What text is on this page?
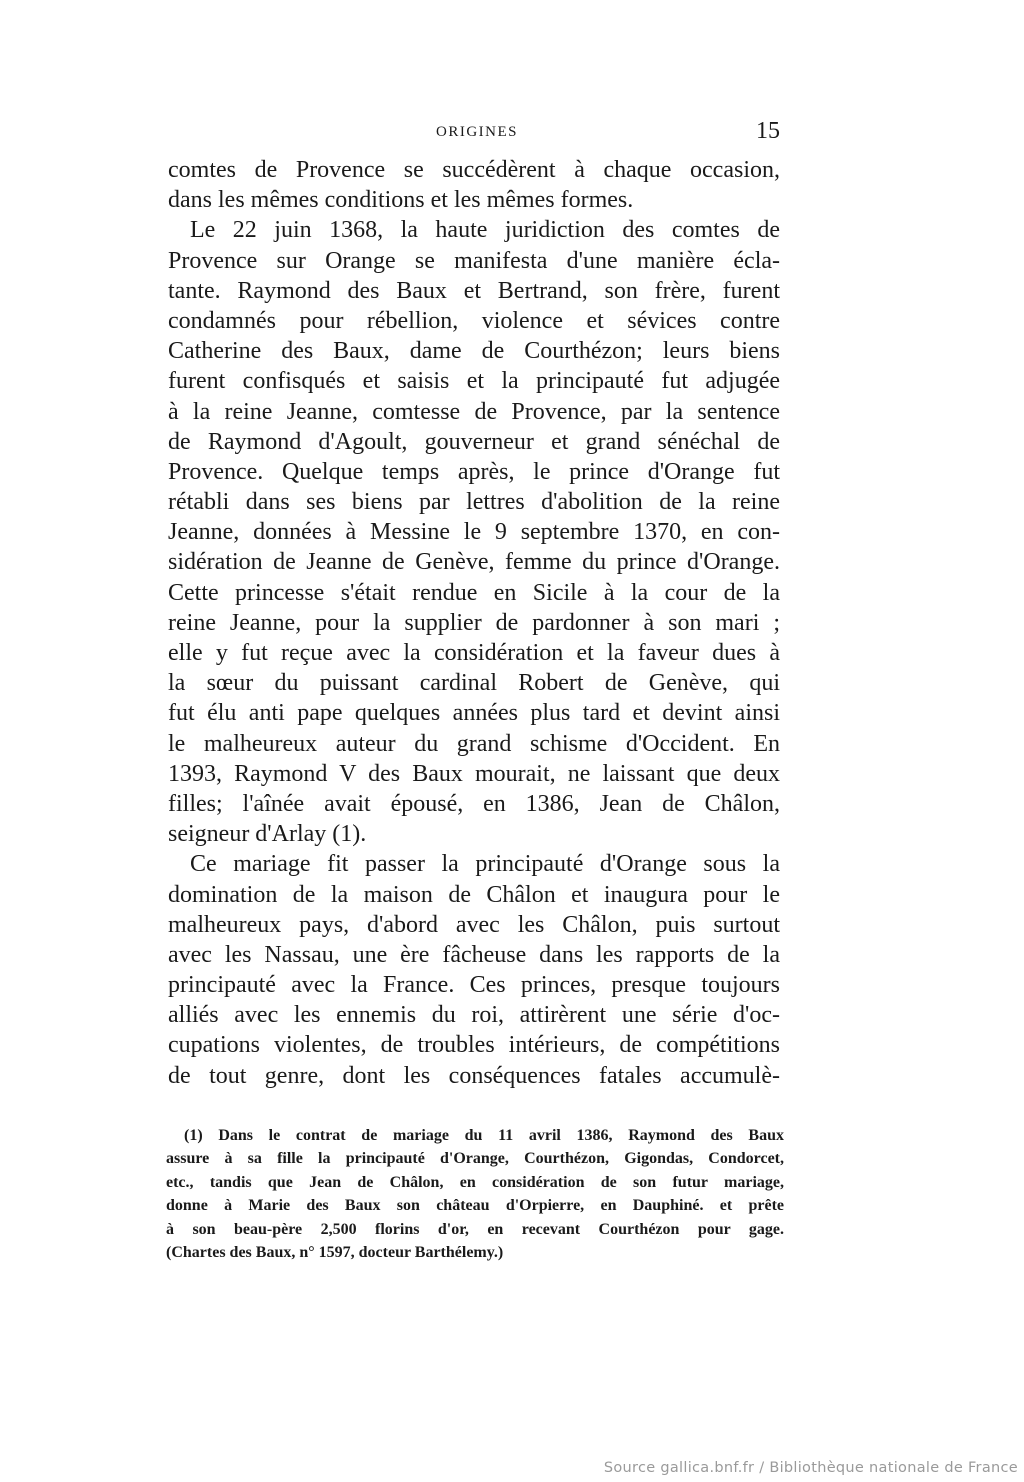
ORIGINES	15
comtes de Provence se succédèrent à chaque occasion,
dans les mêmes conditions et les mêmes formes.
Le 22 juin 1368, la haute juridiction des comtes de
Provence sur Orange se manifesta d'une manière écla-
tante. Raymond des Baux et Bertrand, son frère, furent
condamnés pour rébellion, violence et sévices contre
Catherine des Baux, dame de Courthézon; leurs biens
furent confisqués et saisis et la principauté fut adjugée
à la reine Jeanne, comtesse de Provence, par la sentence
de Raymond d'Agoult, gouverneur et grand sénéchal de
Provence. Quelque temps après, le prince d'Orange fut
rétabli dans ses biens par lettres d'abolition de la reine
Jeanne, données à Messine le 9 septembre 1370, en con-
sidération de Jeanne de Genève, femme du prince d'Orange.
Cette princesse s'était rendue en Sicile à la cour de la
reine Jeanne, pour la supplier de pardonner à son mari ;
elle y fut reçue avec la considération et la faveur dues à
la sœur du puissant cardinal Robert de Genève, qui
fut élu anti pape quelques années plus tard et devint ainsi
le malheureux auteur du grand schisme d'Occident. En
1393, Raymond V des Baux mourait, ne laissant que deux
filles; l'aînée avait épousé, en 1386, Jean de Châlon,
seigneur d'Arlay (1).
Ce mariage fit passer la principauté d'Orange sous la
domination de la maison de Châlon et inaugura pour le
malheureux pays, d'abord avec les Châlon, puis surtout
avec les Nassau, une ère fâcheuse dans les rapports de la
principauté avec la France. Ces princes, presque toujours
alliés avec les ennemis du roi, attirèrent une série d'oc-
cupations violentes, de troubles intérieurs, de compétitions
de tout genre, dont les conséquences fatales accumulè-
(1) Dans le contrat de mariage du 11 avril 1386, Raymond des Baux
assure à sa fille la principauté d'Orange, Courthézon, Gigondas, Condorcet,
etc., tandis que Jean de Châlon, en considération de son futur mariage,
donne à Marie des Baux son château d'Orpierre, en Dauphiné. et prête
à son beau-père 2,500 florins d'or, en recevant Courthézon pour gage.
(Chartes des Baux, n° 1597, docteur Barthélemy.)
Source gallica.bnf.fr / Bibliothèque nationale de France
